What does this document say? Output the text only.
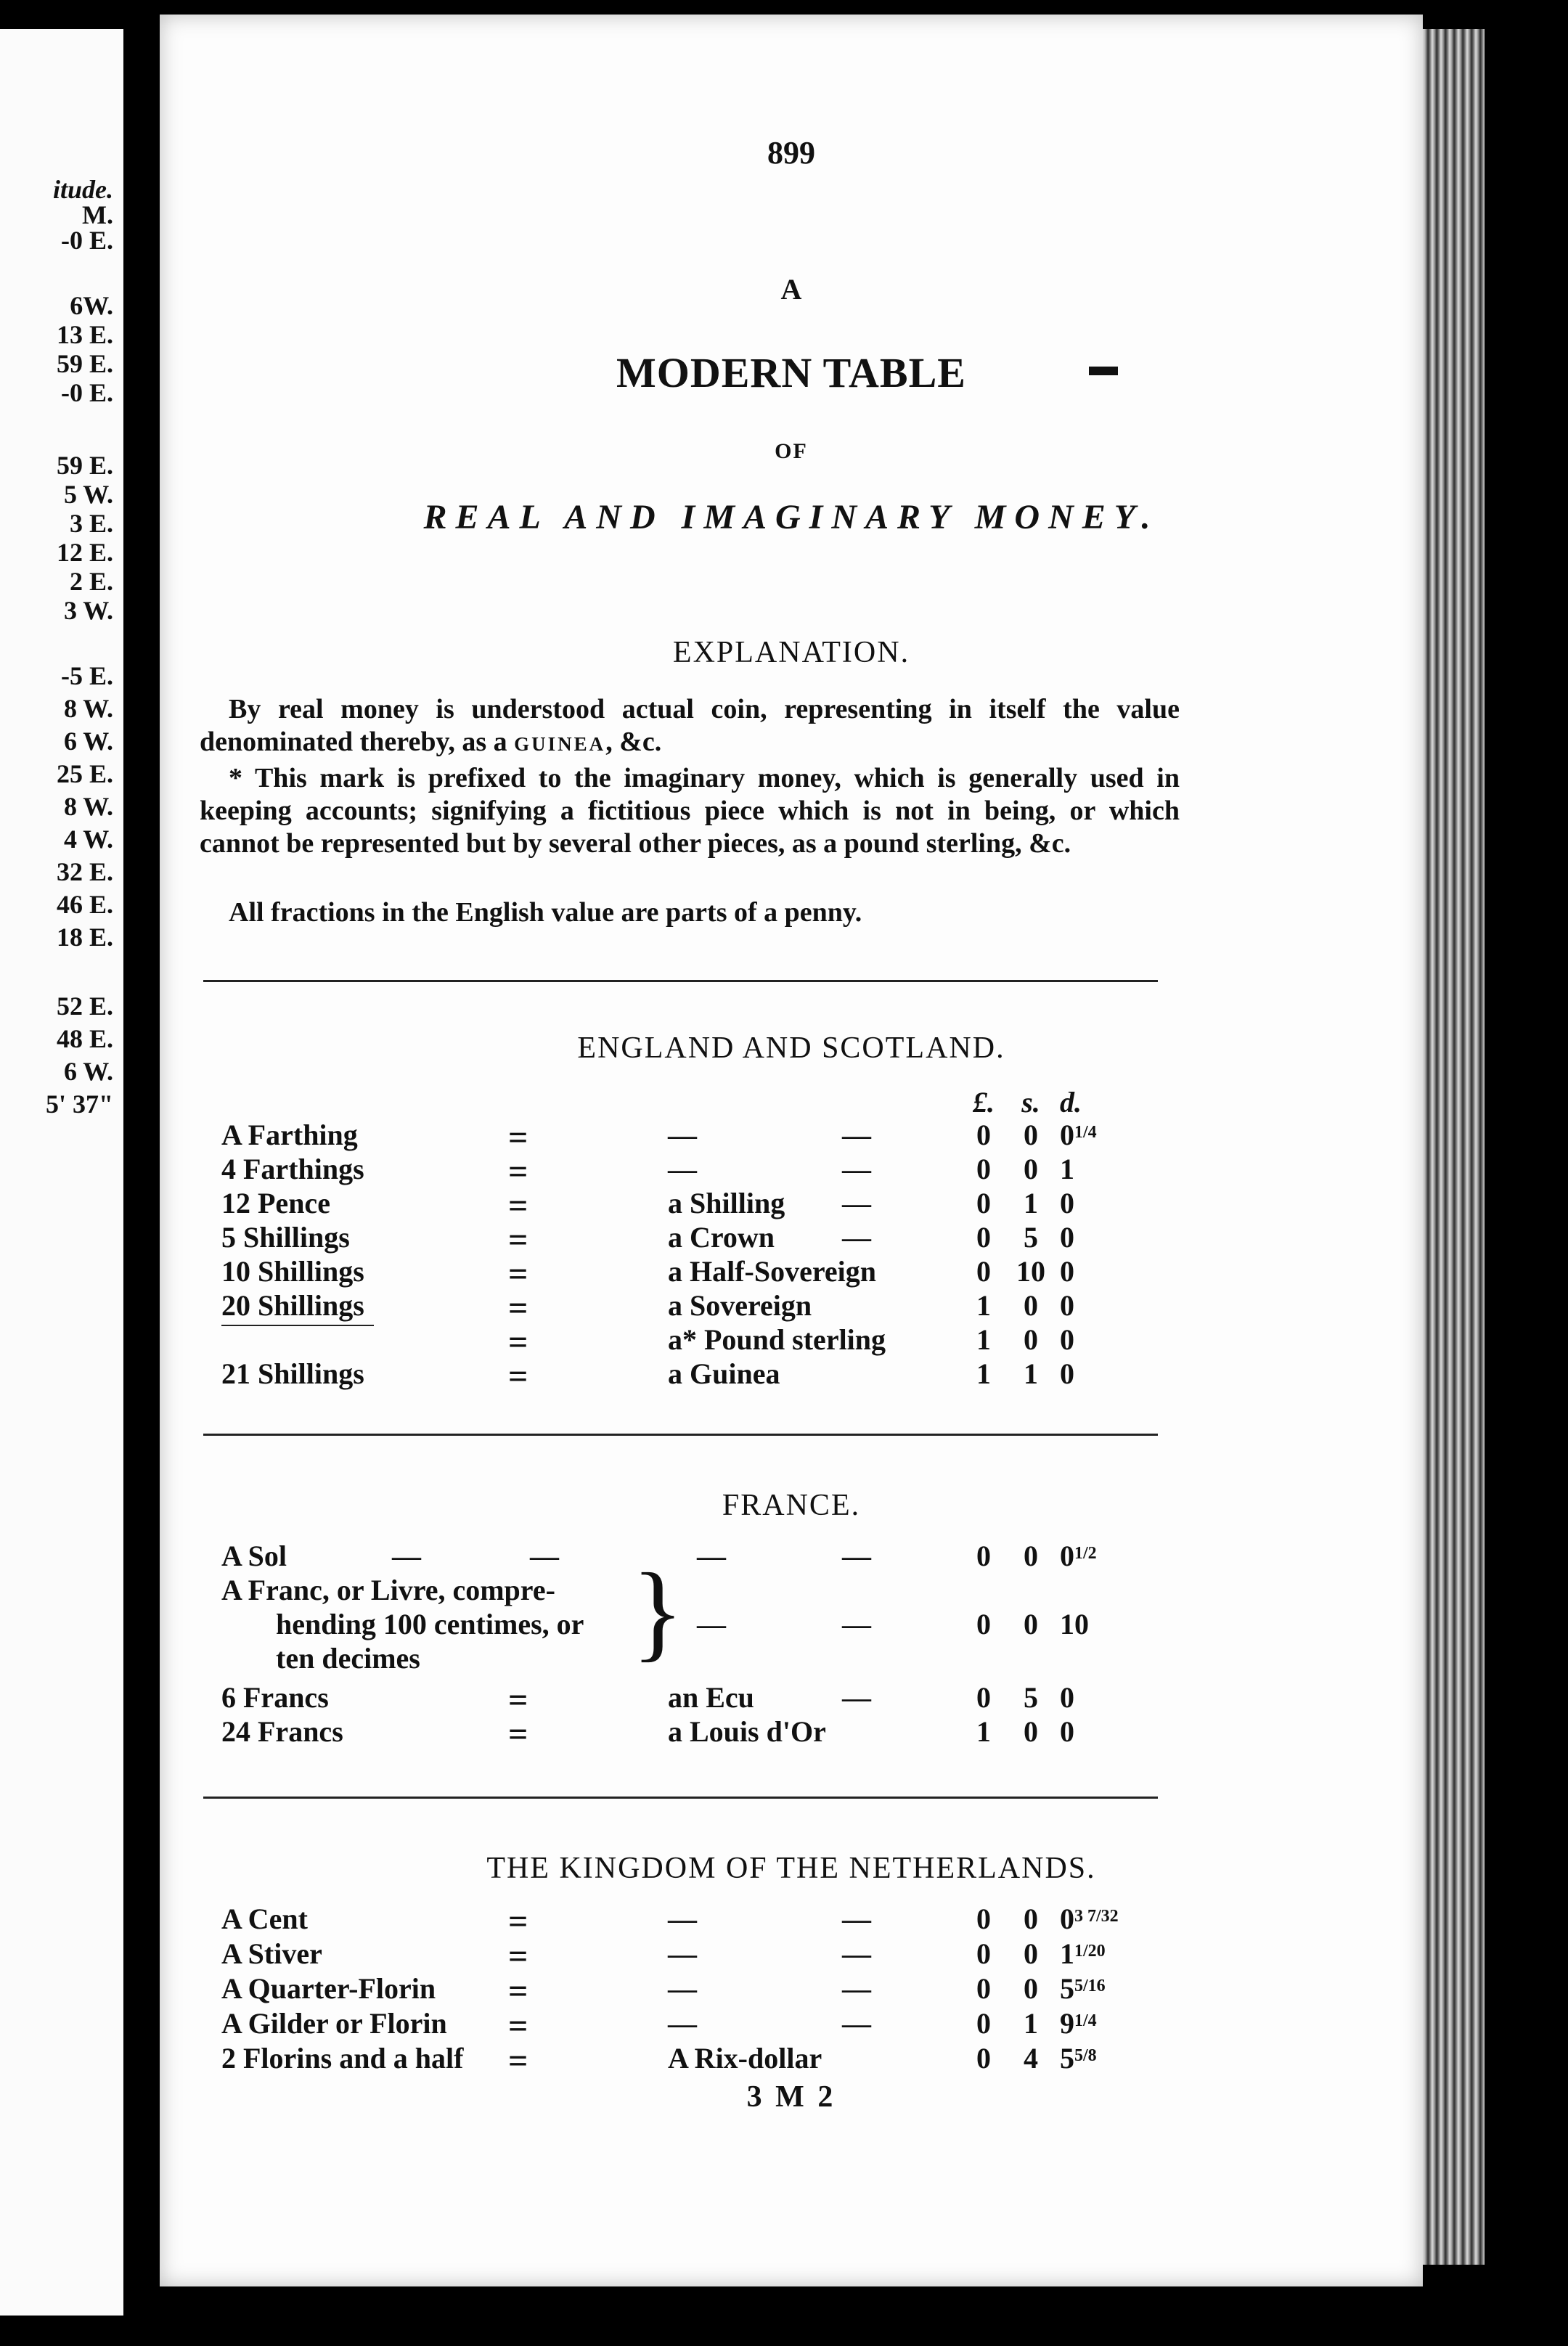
itude.
M.
-0 E.
6W.
13 E.
59 E.
-0 E.
59 E.
5 W.
3 E.
12 E.
2 E.
3 W.
-5 E.
8 W.
6 W.
25 E.
8 W.
4 W.
32 E.
46 E.
18 E.
52 E.
48 E.
6 W.
5' 37"
899
A
MODERN TABLE
OF
REAL AND IMAGINARY MONEY.
EXPLANATION.
By real money is understood actual coin, representing in itself the value denominated thereby, as a guinea, &c.
* This mark is prefixed to the imaginary money, which is generally used in keeping accounts; signifying a fictitious piece which is not in being, or which cannot be represented but by several other pieces, as a pound sterling, &c.
All fractions in the English value are parts of a penny.
ENGLAND AND SCOTLAND.
£. s. d.
A Farthing	=	—	—	0	0 $0^{1/4}$
4 Farthings	=	—	—	0	0 1
12 Pence	=	a Shilling —	0	1 0
5 Shillings	=	a Crown —	0	5 0
10 Shillings	=	a Half-Sovereign	0 10 0
20 Shillings	=	a Sovereign	1	0 0
=	a* Pound sterling	1	0 0
21 Shillings	=	a Guinea	1	1 0
FRANCE.
A Sol	—	—	—	—	0	0 $0^{1/2}$
A Franc, or Livre, compre-
hending 100 centimes, or	—	—	0	0 10
ten decimes }
6 Francs	=	an Ecu	—	0	5 0
24 Francs	=	a Louis d'Or	1	0 0
THE KINGDOM OF THE NETHERLANDS.
A Cent	=	—	—	0	0 $0^{3 7/32}$
A Stiver	=	—	—	0	0 $1^{1/20}$
A Quarter-Florin =	—	—	0	0 $5^{5/16}$
A Gilder or Florin =	—	—	0	1 $9^{1/4}$
2 Florins and a half =	A Rix-dollar	0	4 $5^{5/8}$
3 M 2
▬
